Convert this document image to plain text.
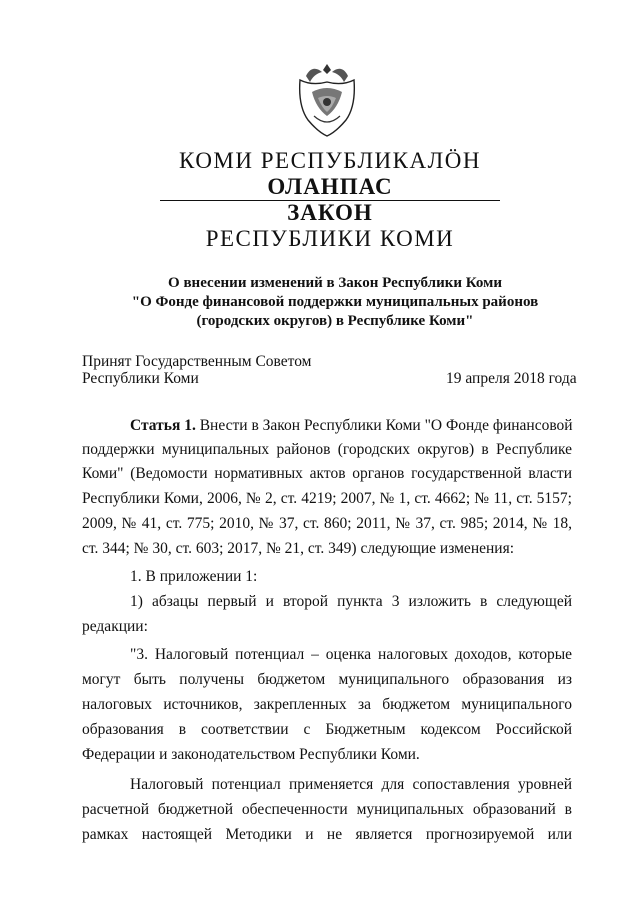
КОМИ РЕСПУБЛИКАЛӦН
ОЛАНПАС
ЗАКОН
РЕСПУБЛИКИ КОМИ
О внесении изменений в Закон Республики Коми
"О Фонде финансовой поддержки муниципальных районов
(городских округов) в Республике Коми"
Принят Государственным Советом
Республики Коми	19 апреля 2018 года
Статья 1. Внести в Закон Республики Коми "О Фонде финансовой
поддержки муниципальных районов (городских округов) в Республике
Коми" (Ведомости нормативных актов органов государственной власти
Республики Коми, 2006, № 2, ст. 4219; 2007, № 1, ст. 4662; № 11, ст. 5157;
2009, № 41, ст. 775; 2010, № 37, ст. 860; 2011, № 37, ст. 985; 2014, № 18,
ст. 344; № 30, ст. 603; 2017, № 21, ст. 349) следующие изменения:
1. В приложении 1:
1) абзацы первый и второй пункта 3 изложить в следующей
редакции:
"3. Налоговый потенциал – оценка налоговых доходов, которые
могут быть получены бюджетом муниципального образования из
налоговых источников, закрепленных за бюджетом муниципального
образования в соответствии с Бюджетным кодексом Российской
Федерации и законодательством Республики Коми.
Налоговый потенциал применяется для сопоставления уровней
расчетной бюджетной обеспеченности муниципальных образований в
рамках настоящей Методики и не является прогнозируемой или
